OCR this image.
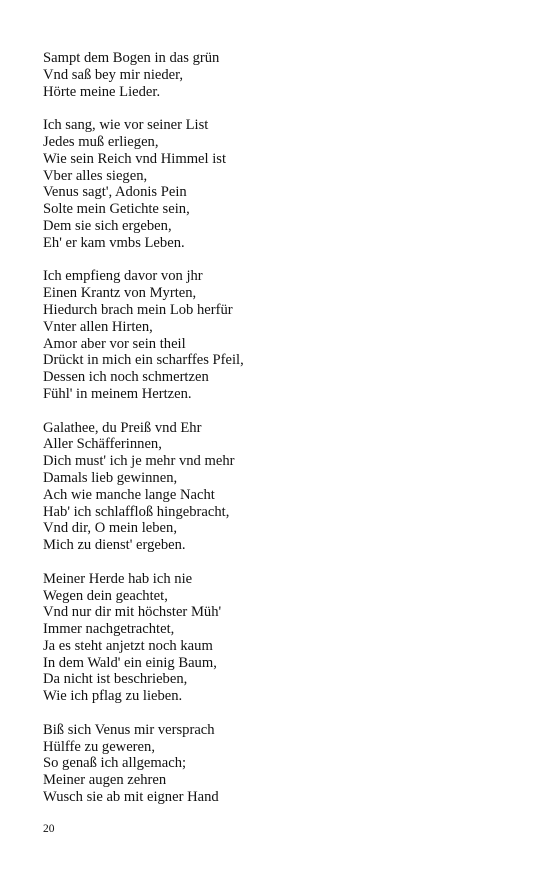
Sampt dem Bogen in das grün
Vnd saß bey mir nieder,
Hörte meine Lieder.
Ich sang, wie vor seiner List
Jedes muß erliegen,
Wie sein Reich vnd Himmel ist
Vber alles siegen,
Venus sagt', Adonis Pein
Solte mein Getichte sein,
Dem sie sich ergeben,
Eh' er kam vmbs Leben.
Ich empfieng davor von jhr
Einen Krantz von Myrten,
Hiedurch brach mein Lob herfür
Vnter allen Hirten,
Amor aber vor sein theil
Drückt in mich ein scharffes Pfeil,
Dessen ich noch schmertzen
Fühl' in meinem Hertzen.
Galathee, du Preiß vnd Ehr
Aller Schäfferinnen,
Dich must' ich je mehr vnd mehr
Damals lieb gewinnen,
Ach wie manche lange Nacht
Hab' ich schlaffloß hingebracht,
Vnd dir, O mein leben,
Mich zu dienst' ergeben.
Meiner Herde hab ich nie
Wegen dein geachtet,
Vnd nur dir mit höchster Müh'
Immer nachgetrachtet,
Ja es steht anjetzt noch kaum
In dem Wald' ein einig Baum,
Da nicht ist beschrieben,
Wie ich pflag zu lieben.
Biß sich Venus mir versprach
Hülffe zu geweren,
So genaß ich allgemach;
Meiner augen zehren
Wusch sie ab mit eigner Hand
20
